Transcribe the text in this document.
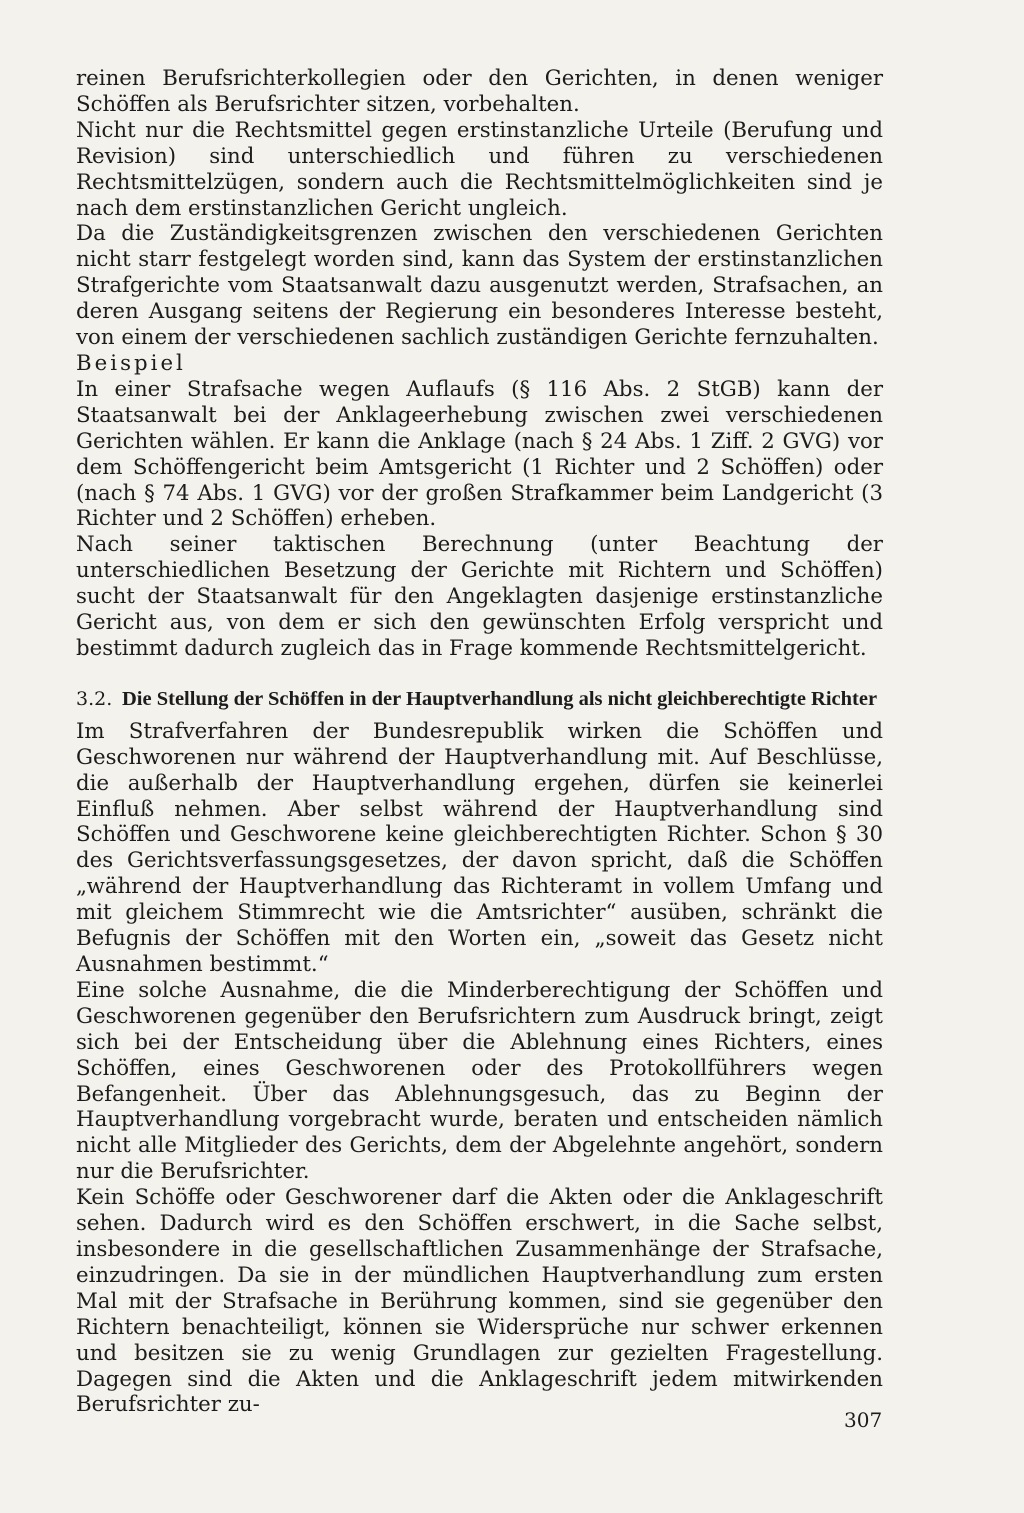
reinen Berufsrichterkollegien oder den Gerichten, in denen weniger Schöffen als Berufsrichter sitzen, vorbehalten.

Nicht nur die Rechtsmittel gegen erstinstanzliche Urteile (Berufung und Revision) sind unterschiedlich und führen zu verschiedenen Rechtsmittelzügen, sondern auch die Rechtsmittelmöglichkeiten sind je nach dem erstinstanzlichen Gericht ungleich.

Da die Zuständigkeitsgrenzen zwischen den verschiedenen Gerichten nicht starr festgelegt worden sind, kann das System der erstinstanzlichen Strafgerichte vom Staatsanwalt dazu ausgenutzt werden, Strafsachen, an deren Ausgang seitens der Regierung ein besonderes Interesse besteht, von einem der verschiedenen sachlich zuständigen Gerichte fernzuhalten.

Beispiel

In einer Strafsache wegen Auflaufs (§ 116 Abs. 2 StGB) kann der Staatsanwalt bei der Anklageerhebung zwischen zwei verschiedenen Gerichten wählen. Er kann die Anklage (nach § 24 Abs. 1 Ziff. 2 GVG) vor dem Schöffengericht beim Amtsgericht (1 Richter und 2 Schöffen) oder (nach § 74 Abs. 1 GVG) vor der großen Strafkammer beim Landgericht (3 Richter und 2 Schöffen) erheben.

Nach seiner taktischen Berechnung (unter Beachtung der unterschiedlichen Besetzung der Gerichte mit Richtern und Schöffen) sucht der Staatsanwalt für den Angeklagten dasjenige erstinstanzliche Gericht aus, von dem er sich den gewünschten Erfolg verspricht und bestimmt dadurch zugleich das in Frage kommende Rechtsmittelgericht.

3.2. Die Stellung der Schöffen in der Hauptverhandlung als nicht gleichberechtigte Richter

Im Strafverfahren der Bundesrepublik wirken die Schöffen und Geschworenen nur während der Hauptverhandlung mit. Auf Beschlüsse, die außerhalb der Hauptverhandlung ergehen, dürfen sie keinerlei Einfluß nehmen. Aber selbst während der Hauptverhandlung sind Schöffen und Geschworene keine gleichberechtigten Richter. Schon § 30 des Gerichtsverfassungsgesetzes, der davon spricht, daß die Schöffen „während der Hauptverhandlung das Richteramt in vollem Umfang und mit gleichem Stimmrecht wie die Amtsrichter“ ausüben, schränkt die Befugnis der Schöffen mit den Worten ein, „soweit das Gesetz nicht Ausnahmen bestimmt.“

Eine solche Ausnahme, die die Minderberechtigung der Schöffen und Geschworenen gegenüber den Berufsrichtern zum Ausdruck bringt, zeigt sich bei der Entscheidung über die Ablehnung eines Richters, eines Schöffen, eines Geschworenen oder des Protokollführers wegen Befangenheit. Über das Ablehnungsgesuch, das zu Beginn der Hauptverhandlung vorgebracht wurde, beraten und entscheiden nämlich nicht alle Mitglieder des Gerichts, dem der Abgelehnte angehört, sondern nur die Berufsrichter.

Kein Schöffe oder Geschworener darf die Akten oder die Anklageschrift sehen. Dadurch wird es den Schöffen erschwert, in die Sache selbst, insbesondere in die gesellschaftlichen Zusammenhänge der Strafsache, einzudringen. Da sie in der mündlichen Hauptverhandlung zum ersten Mal mit der Strafsache in Berührung kommen, sind sie gegenüber den Richtern benachteiligt, können sie Widersprüche nur schwer erkennen und besitzen sie zu wenig Grundlagen zur gezielten Fragestellung. Dagegen sind die Akten und die Anklageschrift jedem mitwirkenden Berufsrichter zu-

307
